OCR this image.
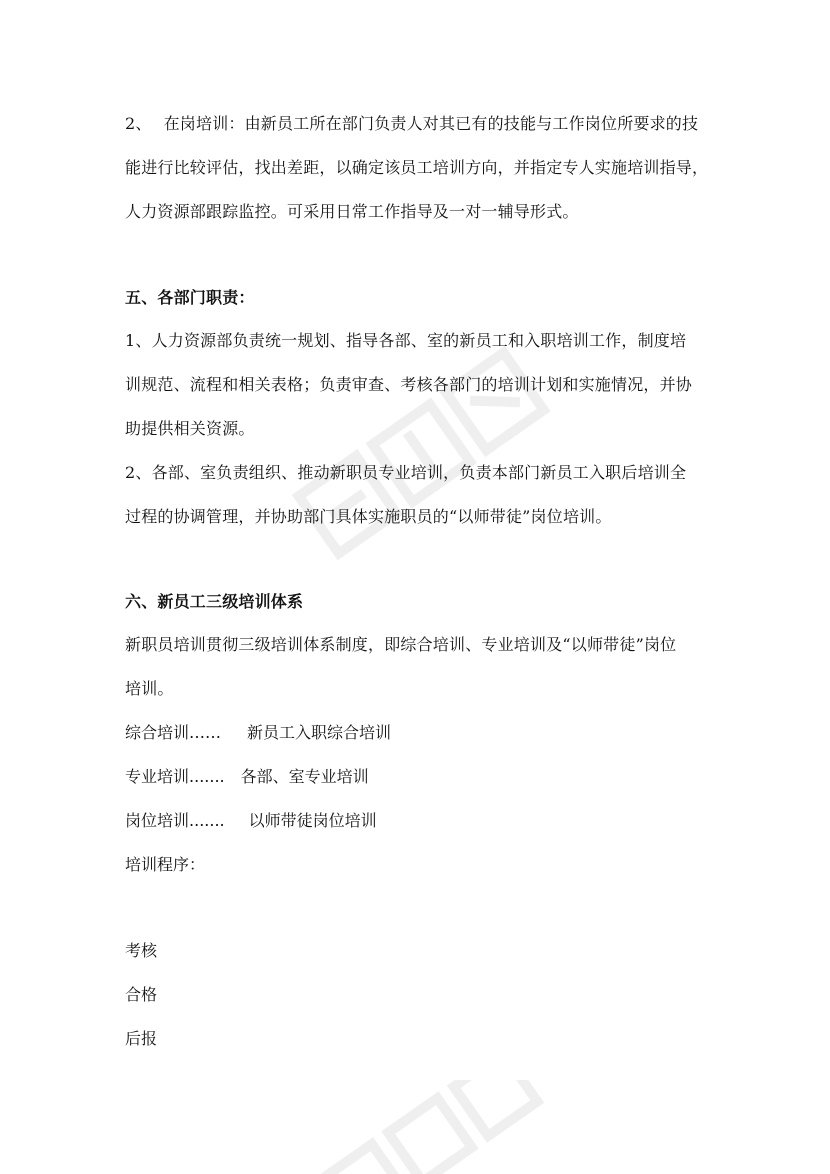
2、 在岗培训：由新员工所在部门负责人对其已有的技能与工作岗位所要求的技

能进行比较评估，找出差距，以确定该员工培训方向，并指定专人实施培训指导，

人力资源部跟踪监控。可采用日常工作指导及一对一辅导形式。

五、各部门职责：

1、人力资源部负责统一规划、指导各部、室的新员工和入职培训工作，制度培

训规范、流程和相关表格；负责审查、考核各部门的培训计划和实施情况，并协

助提供相关资源。

2、各部、室负责组织、推动新职员专业培训，负责本部门新员工入职后培训全

过程的协调管理，并协助部门具体实施职员的“以师带徒”岗位培训。

六、新员工三级培训体系

新职员培训贯彻三级培训体系制度，即综合培训、专业培训及“以师带徒”岗位

培训。

综合培训…… 新员工入职综合培训
专业培训....... 各部、室专业培训
岗位培训....... 以师带徒岗位培训
培训程序：
考核
合格
后报
